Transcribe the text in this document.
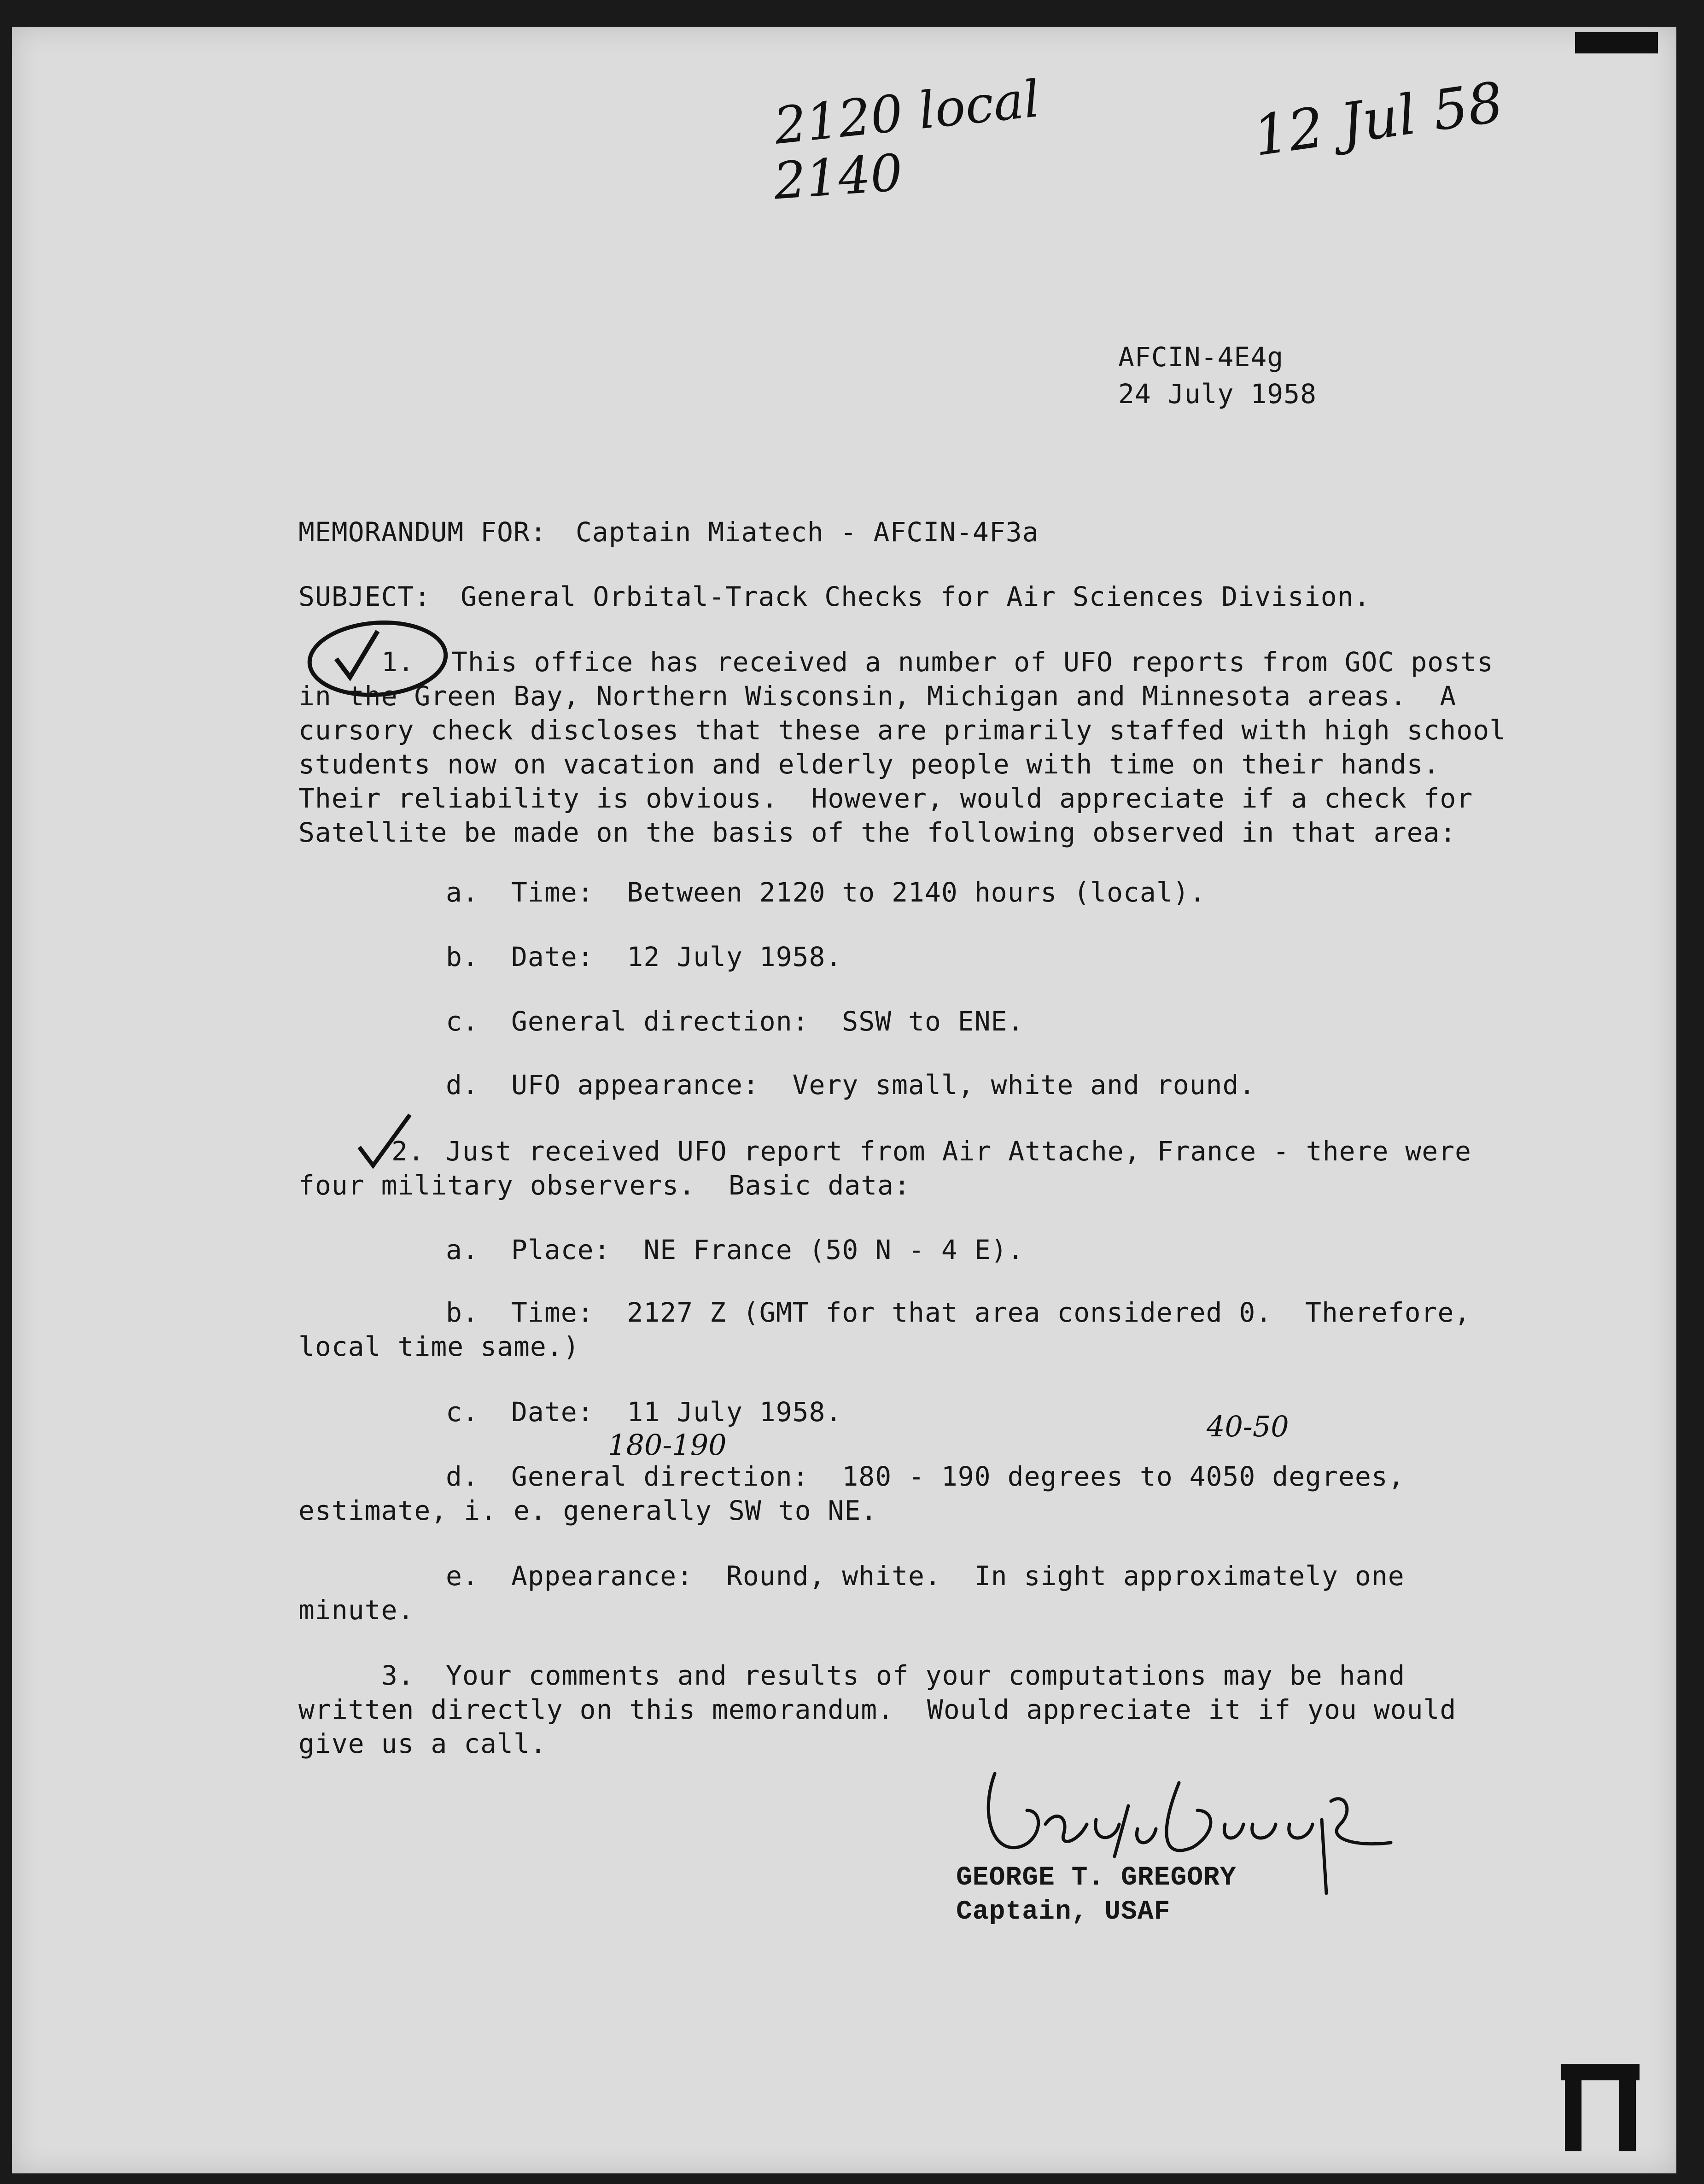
2120 local
2140
12 Jul 58
AFCIN-4E4g
24 July 1958
MEMORANDUM FOR: Captain Miatech - AFCIN-4F3a
SUBJECT: General Orbital-Track Checks for Air Sciences Division.
1. This office has received a number of UFO reports from GOC posts
in the Green Bay, Northern Wisconsin, Michigan and Minnesota areas.  A
cursory check discloses that these are primarily staffed with high school
students now on vacation and elderly people with time on their hands.
Their reliability is obvious.  However, would appreciate if a check for
Satellite be made on the basis of the following observed in that area:
a. Time:  Between 2120 to 2140 hours (local).
b. Date:  12 July 1958.
c. General direction:  SSW to ENE.
d. UFO appearance:  Very small, white and round.
2. Just received UFO report from Air Attache, France - there were
four military observers.  Basic data:
a. Place:  NE France (50 N - 4 E).
b. Time:  2127 Z (GMT for that area considered 0.  Therefore,
local time same.)
c. Date:  11 July 1958.
180-190
40-50
d. General direction:  180 - 190 degrees to 4050 degrees,
estimate, i. e. generally SW to NE.
e. Appearance:  Round, white.  In sight approximately one
minute.
3. Your comments and results of your computations may be hand
written directly on this memorandum.  Would appreciate it if you would
give us a call.
GEORGE T. GREGORY
Captain, USAF
